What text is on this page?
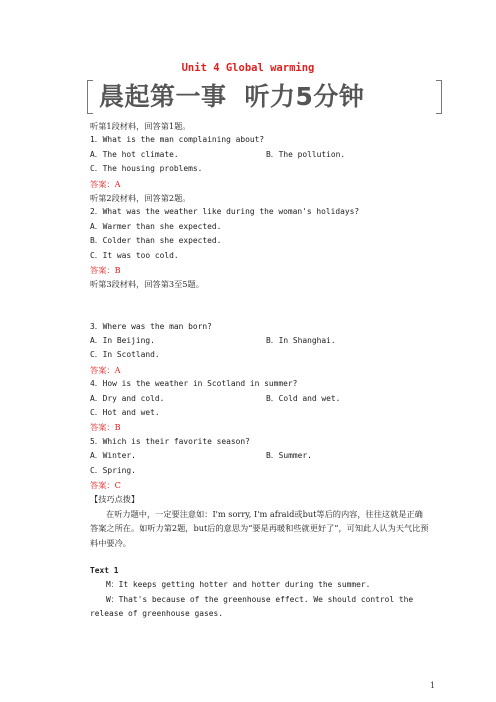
Unit 4 Global warming
晨起第一事 听力5分钟
听第1段材料，回答第1题。
1．What is the man complaining about?
A．The hot climate.	B．The pollution.
C．The housing problems.
答案：A
听第2段材料，回答第2题。
2．What was the weather like during the woman's holidays?
A．Warmer than she expected.
B．Colder than she expected.
C．It was too cold.
答案：B
听第3段材料，回答第3至5题。
3．Where was the man born?
A．In Beijing.	B．In Shanghai.
C．In Scotland.
答案：A
4．How is the weather in Scotland in summer?
A．Dry and cold.	B．Cold and wet.
C．Hot and wet.
答案：B
5．Which is their favorite season?
A．Winter.	B．Summer.
C．Spring.
答案：C
【技巧点拨】
在听力题中，一定要注意如：I'm sorry, I'm afraid或but等后的内容，往往这就是正确答案之所在。如听力第2题，but后的意思为“要是再暖和些就更好了”，可知此人认为天气比预料中要冷。
Text 1
M：It keeps getting hotter and hotter during the summer.
W：That's because of the greenhouse effect. We should control the release of greenhouse gases.
1
